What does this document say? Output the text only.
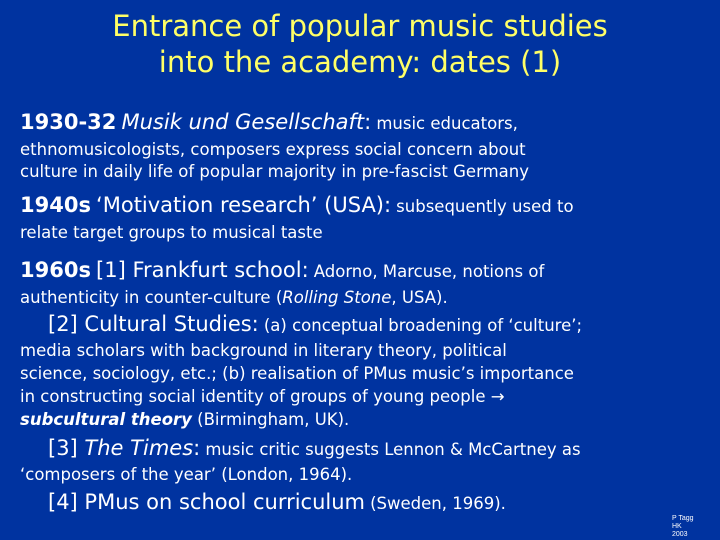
Entrance of popular music studies
into the academy: dates (1)
1930-32 Musik und Gesellschaft: music educators,
ethnomusicologists, composers express social concern about
culture in daily life of popular majority in pre-fascist Germany
1940s ‘Motivation research’ (USA): subsequently used to
relate target groups to musical taste
1960s [1] Frankfurt school: Adorno, Marcuse, notions of
authenticity in counter-culture (Rolling Stone, USA).
[2] Cultural Studies: (a) conceptual broadening of ‘culture’;
media scholars with background in literary theory, political
science, sociology, etc.; (b) realisation of PMus music’s importance
in constructing social identity of groups of young people →
subcultural theory (Birmingham, UK).
[3] The Times: music critic suggests Lennon & McCartney as
‘composers of the year’ (London, 1964).
[4] PMus on school curriculum (Sweden, 1969).
P Tagg
HK
2003
